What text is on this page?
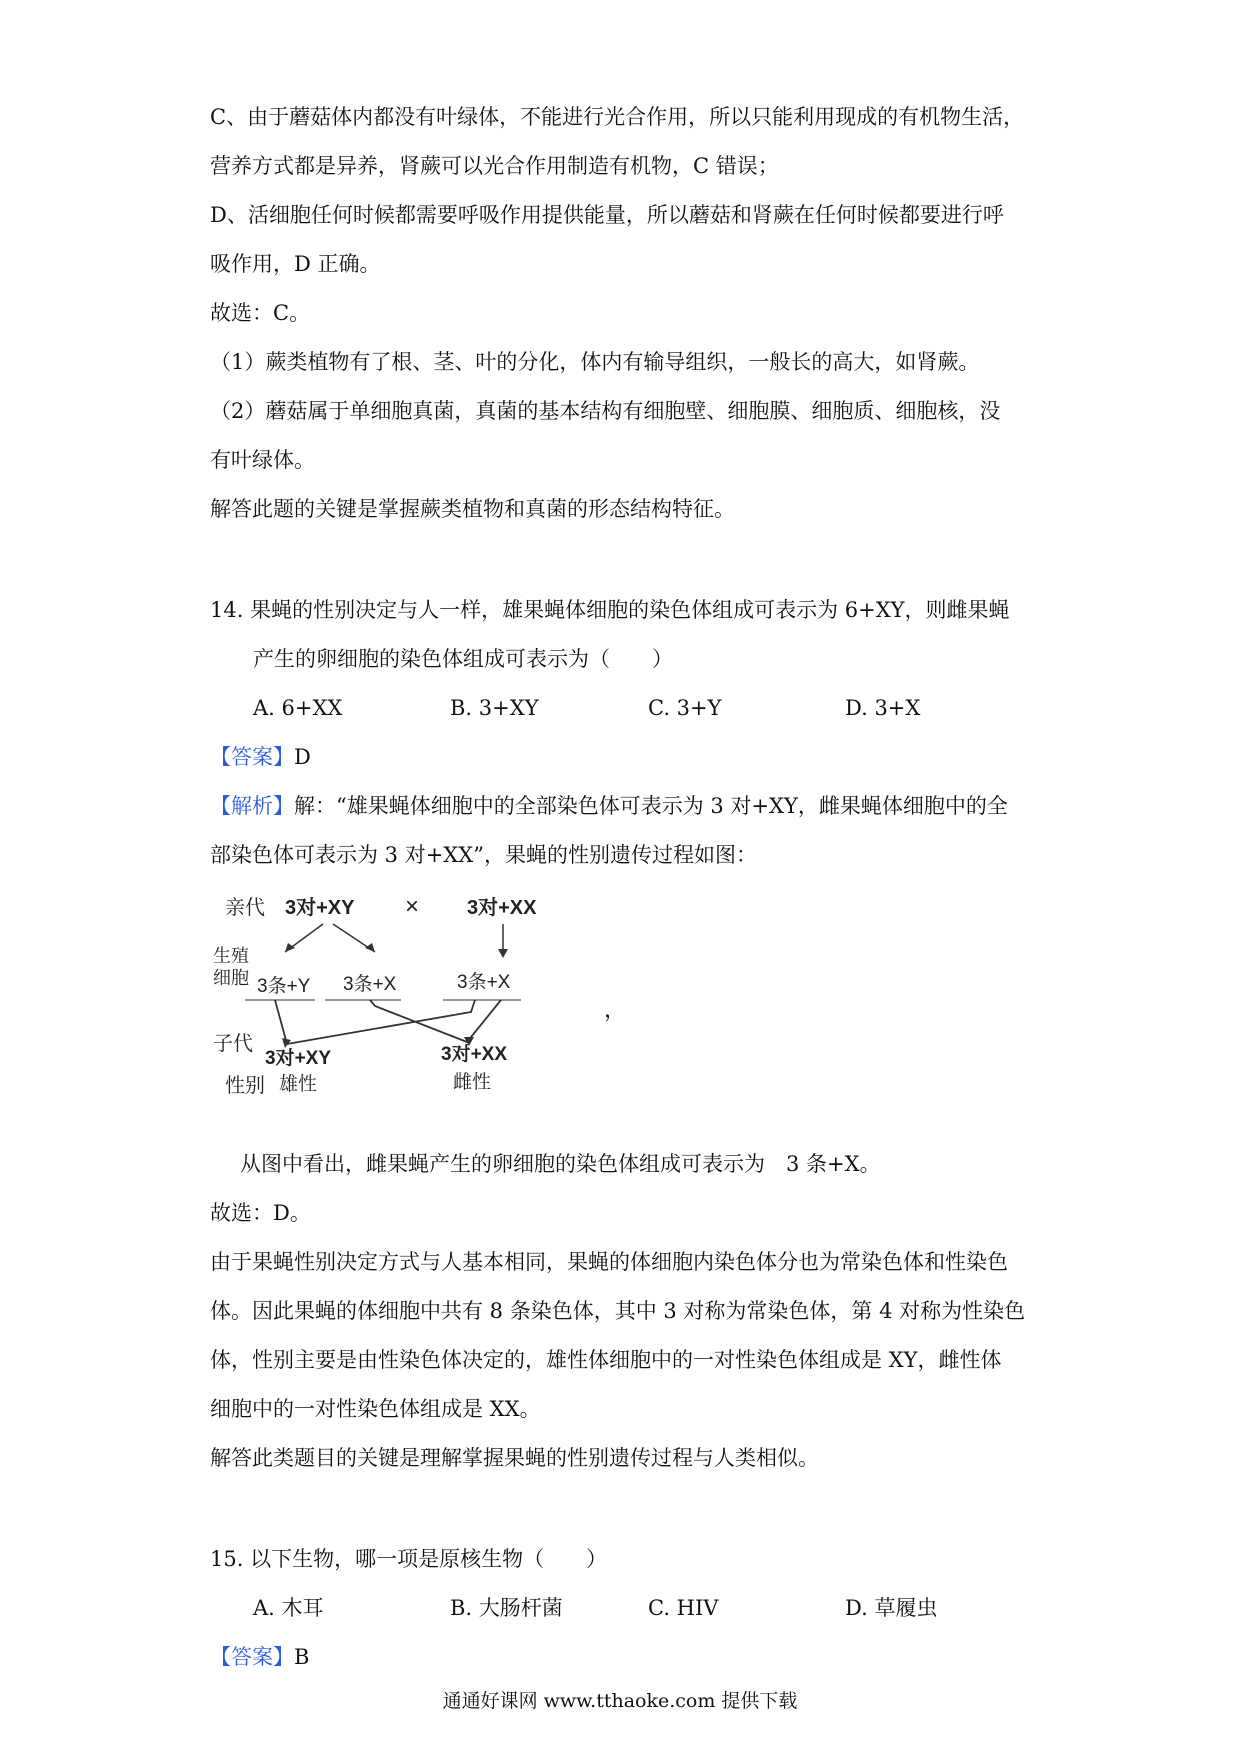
C、由于蘑菇体内都没有叶绿体，不能进行光合作用，所以只能利用现成的有机物生活，
营养方式都是异养，肾蕨可以光合作用制造有机物，C 错误；
D、活细胞任何时候都需要呼吸作用提供能量，所以蘑菇和肾蕨在任何时候都要进行呼
吸作用，D 正确。
故选：C。
（1）蕨类植物有了根、茎、叶的分化，体内有输导组织，一般长的高大，如肾蕨。
（2）蘑菇属于单细胞真菌，真菌的基本结构有细胞壁、细胞膜、细胞质、细胞核，没
有叶绿体。
解答此题的关键是掌握蕨类植物和真菌的形态结构特征。
14. 果蝇的性别决定与人一样，雄果蝇体细胞的染色体组成可表示为 6+XY，则雌果蝇
产生的卵细胞的染色体组成可表示为（　　）
A. 6+XX	B. 3+XY	C. 3+Y	D. 3+X
【答案】D
【解析】解：“雄果蝇体细胞中的全部染色体可表示为 3 对+XY，雌果蝇体细胞中的全
部染色体可表示为 3 对+XX”，果蝇的性别遗传过程如图：
亲代 3对+XY × 3对+XX
生殖细胞 3条+Y 3条+X	3条+X
子代
3对+XY	3对+XX
性别 雄性	雌性
，
从图中看出，雌果蝇产生的卵细胞的染色体组成可表示为　3 条+X。
故选：D。
由于果蝇性别决定方式与人基本相同，果蝇的体细胞内染色体分也为常染色体和性染色
体。因此果蝇的体细胞中共有 8 条染色体，其中 3 对称为常染色体，第 4 对称为性染色
体，性别主要是由性染色体决定的，雄性体细胞中的一对性染色体组成是 XY，雌性体
细胞中的一对性染色体组成是 XX。
解答此类题目的关键是理解掌握果蝇的性别遗传过程与人类相似。
15. 以下生物，哪一项是原核生物（　　）
A. 木耳	B. 大肠杆菌	C. HIV	D. 草履虫
【答案】B
通通好课网 www.tthaoke.com 提供下载
